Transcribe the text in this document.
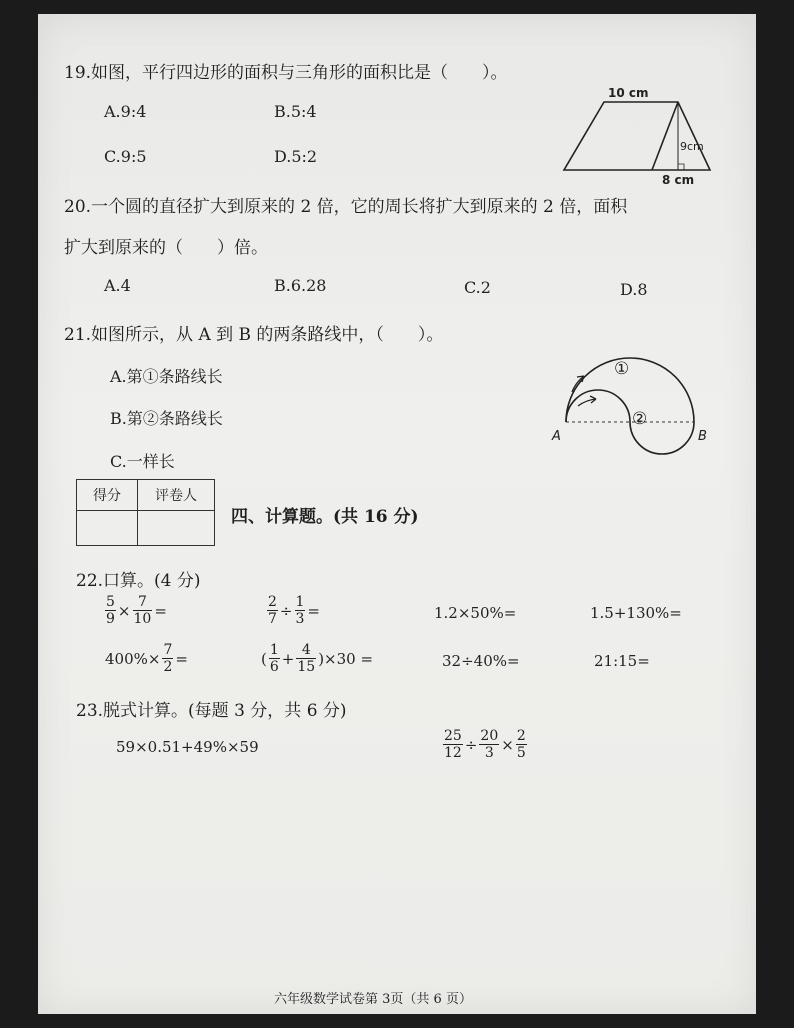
19.如图，平行四边形的面积与三角形的面积比是（　　）。
A.9:4	B.5:4
C.9:5	D.5:2
10 cm
9cm
8 cm
20.一个圆的直径扩大到原来的 2 倍，它的周长将扩大到原来的 2 倍，面积
扩大到原来的（　　）倍。
A.4	B.6.28	C.2	D.8
21.如图所示，从 A 到 B 的两条路线中，（　　）。
A.第①条路线长
B.第②条路线长
C.一样长
A	B
①
②
得分	评卷人

四、计算题。(共 16 分)
22.口算。(4 分)
$\frac{5}{9} \times \frac{7}{10}$ =	$\frac{2}{7} \div \frac{1}{3}$ =	1.2×50%=	1.5+130%=
$400\%\times \frac{7}{2}$ =	( $\frac{1}{6} + \frac{4}{15} )\times 30$ =	32÷40%=	21:15=
23.脱式计算。(每题 3 分，共 6 分)
59×0.51+49%×59	$\frac{25}{12} \div \frac{20}{3} \times \frac{2}{5}$
六年级数学试卷第 3页（共 6 页）
